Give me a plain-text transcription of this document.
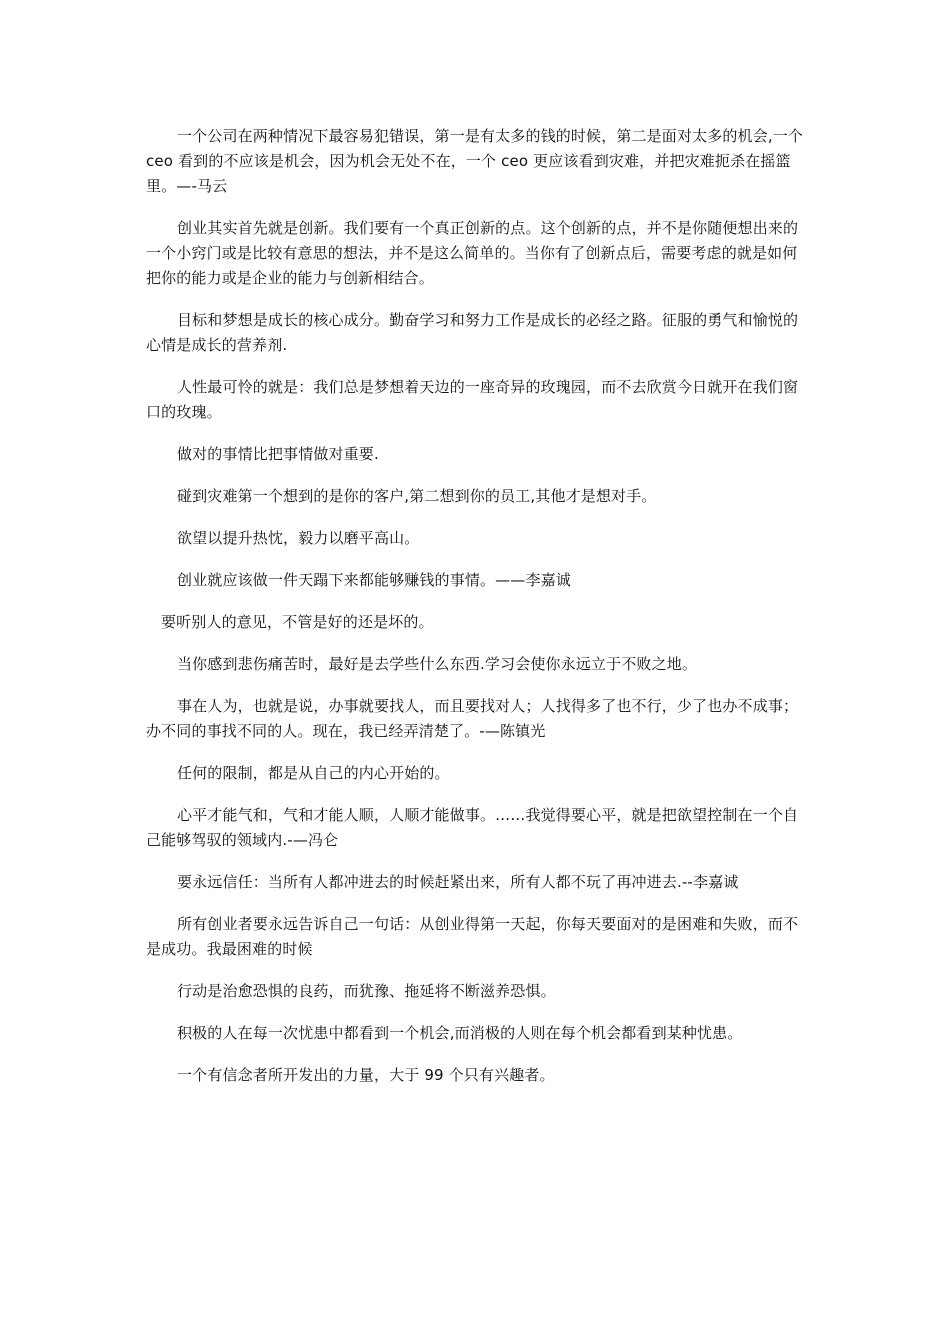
一个公司在两种情况下最容易犯错误，第一是有太多的钱的时候，第二是面对太多的机会,一个 ceo 看到的不应该是机会，因为机会无处不在，一个 ceo 更应该看到灾难，并把灾难扼杀在摇篮里。—-马云

创业其实首先就是创新。我们要有一个真正创新的点。这个创新的点，并不是你随便想出来的一个小窍门或是比较有意思的想法，并不是这么简单的。当你有了创新点后，需要考虑的就是如何把你的能力或是企业的能力与创新相结合。

目标和梦想是成长的核心成分。勤奋学习和努力工作是成长的必经之路。征服的勇气和愉悦的心情是成长的营养剂.

人性最可怜的就是：我们总是梦想着天边的一座奇异的玫瑰园，而不去欣赏今日就开在我们窗口的玫瑰。

做对的事情比把事情做对重要.

碰到灾难第一个想到的是你的客户,第二想到你的员工,其他才是想对手。

欲望以提升热忱，毅力以磨平高山。

创业就应该做一件天蹋下来都能够赚钱的事情。——李嘉诚

要听别人的意见，不管是好的还是坏的。

当你感到悲伤痛苦时，最好是去学些什么东西.学习会使你永远立于不败之地。

事在人为，也就是说，办事就要找人，而且要找对人；人找得多了也不行，少了也办不成事；办不同的事找不同的人。现在，我已经弄清楚了。-—陈镇光

任何的限制，都是从自己的内心开始的。

心平才能气和，气和才能人顺，人顺才能做事。……我觉得要心平，就是把欲望控制在一个自己能够驾驭的领域内.-—冯仑

要永远信任：当所有人都冲进去的时候赶紧出来，所有人都不玩了再冲进去.--李嘉诚

所有创业者要永远告诉自己一句话：从创业得第一天起，你每天要面对的是困难和失败，而不是成功。我最困难的时候

行动是治愈恐惧的良药，而犹豫、拖延将不断滋养恐惧。

积极的人在每一次忧患中都看到一个机会,而消极的人则在每个机会都看到某种忧患。

一个有信念者所开发出的力量，大于 99 个只有兴趣者。
